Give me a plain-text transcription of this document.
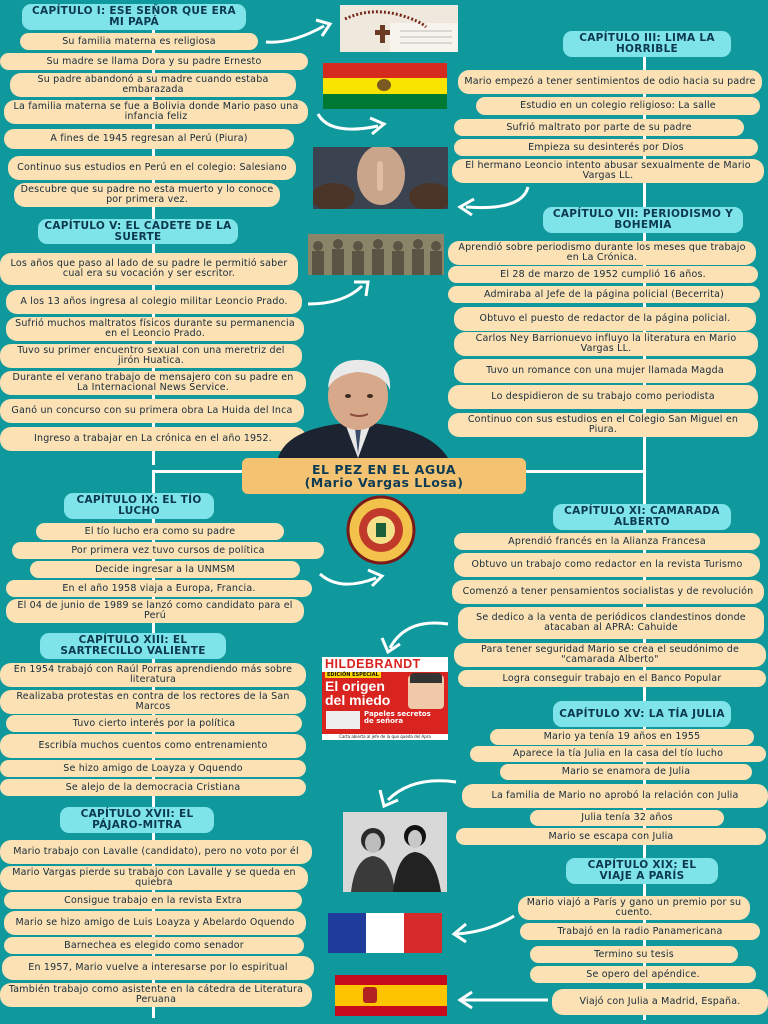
CAPÍTULO I: ESE SEÑOR QUE ERA MI PAPÁ
Su familia materna es religiosa
Su madre se llama Dora y su padre Ernesto
Su padre abandonó a su madre cuando estaba embarazada
La familia materna se fue a Bolivia donde Mario paso una infancia feliz
A fines de 1945 regresan al Perú (Piura)
Continuo sus estudios en Perú en el colegio: Salesiano
Descubre que su padre no esta muerto y lo conoce por primera vez.
CAPÍTULO III: LIMA LA HORRIBLE
Mario empezó a tener sentimientos de odio hacia su padre
Estudio en un colegio religioso: La salle
Sufrió maltrato por parte de su padre
Empieza su desinterés por Dios
El hermano Leoncio intento abusar sexualmente de Mario Vargas LL.
CAPÍTULO V: EL CADETE DE LA SUERTE
Los años que paso al lado de su padre le permitió saber cual era su vocación y ser escritor.
A los 13 años ingresa al colegio militar Leoncio Prado.
Sufrió muchos maltratos físicos durante su permanencia en el Leoncio Prado.
Tuvo su primer encuentro sexual con una meretriz del jirón Huatica.
Durante el verano trabajo de mensajero con su padre en La Internacional News Service.
Ganó un concurso con su primera obra La Huida del Inca
Ingreso a trabajar en La crónica en el año 1952.
CAPÍTULO VII: PERIODISMO Y BOHEMIA
Aprendió sobre periodismo durante los meses que trabajo en La Crónica.
El 28 de marzo de 1952 cumplió 16 años.
Admiraba al Jefe de la página policial (Becerrita)
Obtuvo el puesto de redactor de la página policial.
Carlos Ney Barrionuevo influyo la literatura en Mario Vargas LL.
Tuvo un romance con una mujer llamada Magda
Lo despidieron de su trabajo como periodista
Continuo con sus estudios en el Colegio San Miguel en Piura.
EL PEZ EN EL AGUA
(Mario Vargas LLosa)
CAPÍTULO IX: EL TÍO LUCHO
El tío lucho era como su padre
Por primera vez tuvo cursos de política
Decide ingresar a la UNMSM
En el año 1958 viaja a Europa, Francia.
El 04 de junio de 1989 se lanzó como candidato para el Perú
CAPÍTULO XI: CAMARADA ALBERTO
Aprendió francés en la Alianza Francesa
Obtuvo un trabajo como redactor en la revista Turismo
Comenzó a tener pensamientos socialistas y de revolución
Se dedico a la venta de periódicos clandestinos donde atacaban al APRA: Cahuide
Para tener seguridad Mario se crea el seudónimo de "camarada Alberto"
Logra conseguir trabajo en el Banco Popular
CAPÍTULO XIII: EL SARTRECILLO VALIENTE
En 1954 trabajó con Raúl Porras aprendiendo más sobre literatura
Realizaba protestas en contra de los rectores de la San Marcos
Tuvo cierto interés por la política
Escribía muchos cuentos como entrenamiento
Se hizo amigo de Loayza y Oquendo
Se alejo de la democracia Cristiana
CAPÍTULO XV: LA TÍA JULIA
Mario ya tenía 19 años en 1955
Aparece la tía Julia en la casa del tío lucho
Mario se enamora de Julia
La familia de Mario no aprobó la relación con Julia
Julia tenía 32 años
Mario se escapa con Julia
CAPÍTULO XVII: EL PÁJARO-MITRA
Mario trabajo con Lavalle (candidato), pero no voto por él
Mario Vargas pierde su trabajo con Lavalle y se queda en quiebra
Consigue trabajo en la revista Extra
Mario se hizo amigo de Luis Loayza y Abelardo Oquendo
Barnechea es elegido como senador
En 1957, Mario vuelve a interesarse por lo espiritual
También trabajo como asistente en la cátedra de Literatura Peruana
CAPÍTULO XIX: EL VIAJE A PARÍS
Mario viajó a París y gano un premio por su cuento.
Trabajó en la radio Panamericana
Termino su tesis
Se opero del apéndice.
Viajó con Julia a Madrid, España.
HILDEBRANDT
EDICIÓN ESPECIAL
El origen
del miedo
Papeles secretos de señora
Carta abierta al jefe de la que queda del Apra
